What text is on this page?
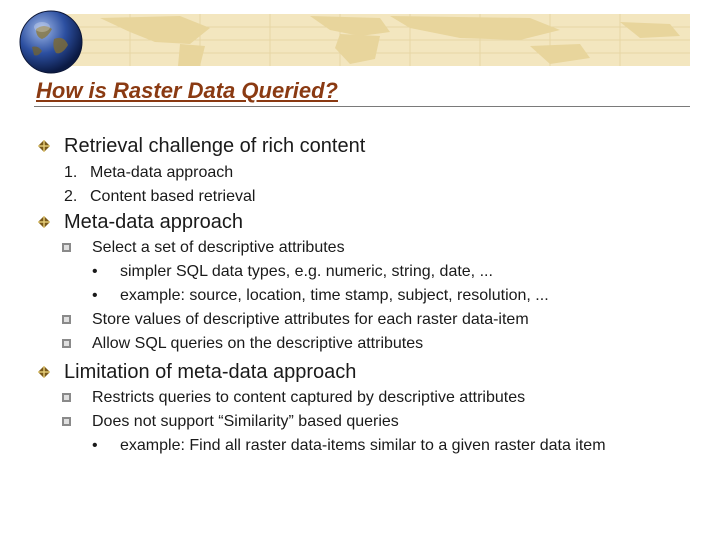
How is Raster Data Queried?
Retrieval challenge of rich content
1. Meta-data approach
2. Content based retrieval
Meta-data approach
Select a set of descriptive attributes
• simpler SQL data types, e.g. numeric, string, date, ...
• example: source, location, time stamp, subject, resolution, ...
Store values of descriptive attributes for each raster data-item
Allow SQL queries on the descriptive attributes
Limitation of meta-data approach
Restricts queries to content captured by descriptive attributes
Does not support “Similarity” based queries
• example: Find all raster data-items similar to a given raster data item
